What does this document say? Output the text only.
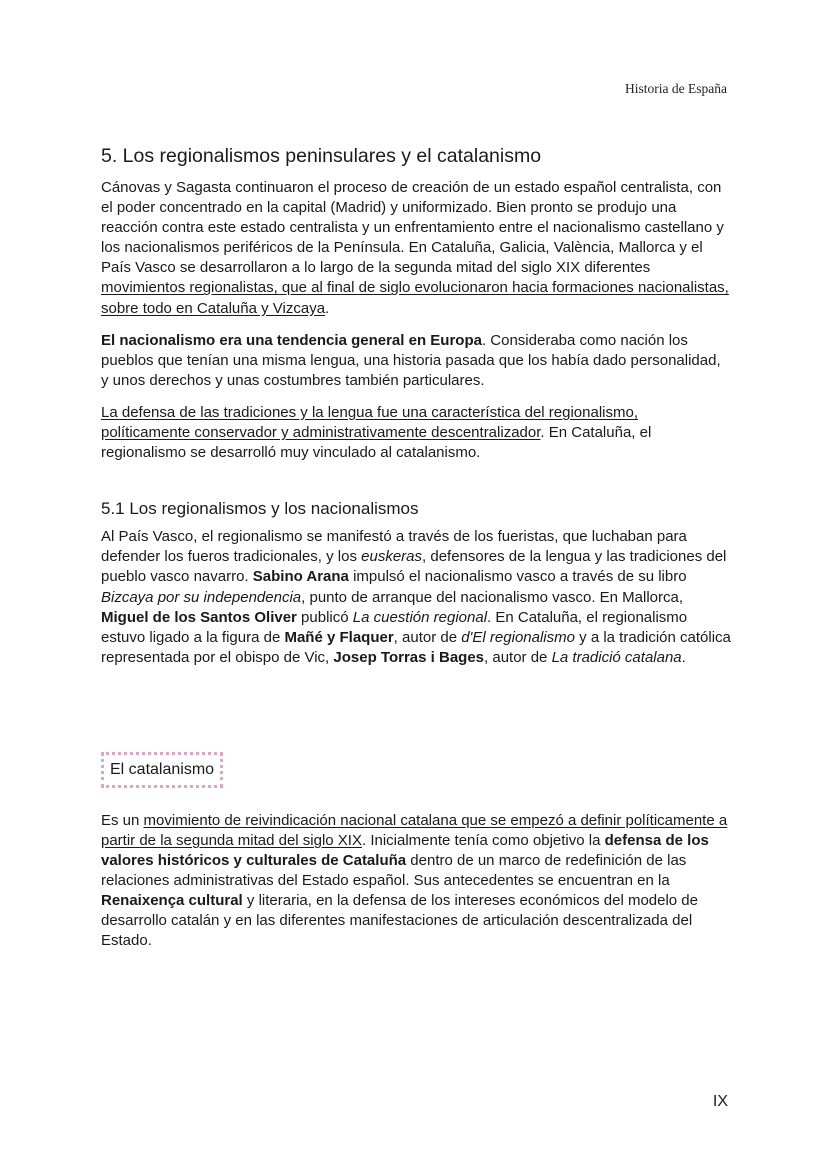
Historia de España
5. Los regionalismos peninsulares y el catalanismo

Cánovas y Sagasta continuaron el proceso de creación de un estado español centralista, con el poder concentrado en la capital (Madrid) y uniformizado. Bien pronto se produjo una reacción contra este estado centralista y un enfrentamiento entre el nacionalismo castellano y los nacionalismos periféricos de la Península. En Cataluña, Galicia, València, Mallorca y el País Vasco se desarrollaron a lo largo de la segunda mitad del siglo XIX diferentes movimientos regionalistas, que al final de siglo evolucionaron hacia formaciones nacionalistas, sobre todo en Cataluña y Vizcaya.

El nacionalismo era una tendencia general en Europa. Consideraba como nación los pueblos que tenían una misma lengua, una historia pasada que los había dado personalidad, y unos derechos y unas costumbres también particulares.

La defensa de las tradiciones y la lengua fue una característica del regionalismo, políticamente conservador y administrativamente descentralizador. En Cataluña, el regionalismo se desarrolló muy vinculado al catalanismo.

5.1 Los regionalismos y los nacionalismos

Al País Vasco, el regionalismo se manifestó a través de los fueristas, que luchaban para defender los fueros tradicionales, y los euskeras, defensores de la lengua y las tradiciones del pueblo vasco navarro. Sabino Arana impulsó el nacionalismo vasco a través de su libro Bizcaya por su independencia, punto de arranque del nacionalismo vasco. En Mallorca, Miguel de los Santos Oliver publicó La cuestión regional. En Cataluña, el regionalismo estuvo ligado a la figura de Mañé y Flaquer, autor de d'El regionalismo y a la tradición católica representada por el obispo de Vic, Josep Torras i Bages, autor de La tradició catalana.

El catalanismo

Es un movimiento de reivindicación nacional catalana que se empezó a definir políticamente a partir de la segunda mitad del siglo XIX. Inicialmente tenía como objetivo la defensa de los valores históricos y culturales de Cataluña dentro de un marco de redefinición de las relaciones administrativas del Estado español. Sus antecedentes se encuentran en la Renaixença cultural y literaria, en la defensa de los intereses económicos del modelo de desarrollo catalán y en las diferentes manifestaciones de articulación descentralizada del Estado.

IX
